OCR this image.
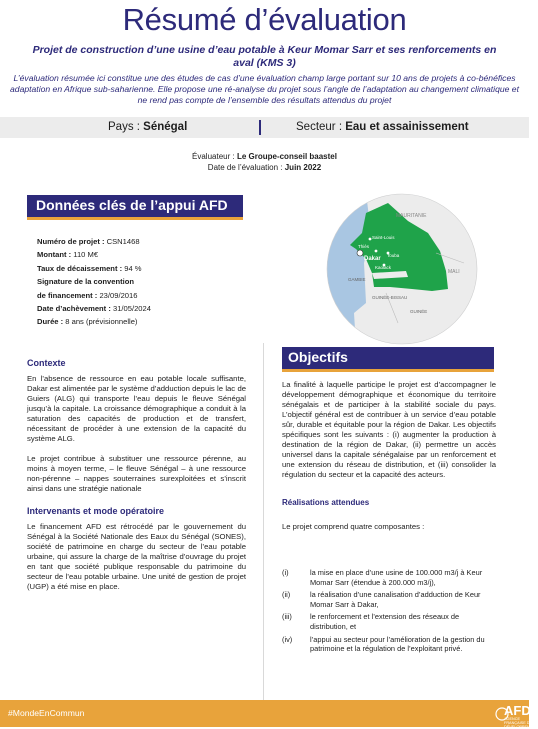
Résumé d’évaluation
Projet de construction d’une usine d’eau potable à Keur Momar Sarr et ses renforcements en aval (KMS 3)
L’évaluation résumée ici constitue une des études de cas d’une évaluation champ large portant sur 10 ans de projets à co-bénéfices adaptation en Afrique sub-saharienne. Elle propose une ré-analyse du projet sous l’angle de l’adaptation au changement climatique et ne rend pas compte de l’ensemble des résultats attendus du projet
Pays : Sénégal	Secteur : Eau et assainissement
Évaluateur : Le Groupe-conseil baastel
Date de l’évaluation : Juin 2022
Données clés de l’appui AFD
Numéro de projet : CSN1468
Montant : 110 M€
Taux de décaissement : 94 %
Signature de la convention
de financement : 23/09/2016
Date d’achèvement : 31/05/2024
Durée : 8 ans (prévisionnelle)
MAURITANIE
Saint-Louis
Thiès
Dakar
Touba
Kaolack
GAMBIE
MALI
GUINÉE-BISSAU
GUINÉE
Contexte
En l’absence de ressource en eau potable locale suffisante, Dakar est alimentée par le système d’adduction depuis le lac de Guiers (ALG) qui transporte l’eau depuis le fleuve Sénégal jusqu’à la capitale. La croissance démographique a conduit à la saturation des capacités de production et de transfert, nécessitant de procéder à une extension de la capacité du système ALG.
Le projet contribue à substituer une ressource pérenne, au moins à moyen terme, – le fleuve Sénégal – à une ressource non-pérenne – nappes souterraines surexploitées et s’inscrit ainsi dans une stratégie nationale
Intervenants et mode opératoire
Le financement AFD est rétrocédé par le gouvernement du Sénégal à la Société Nationale des Eaux du Sénégal (SONES), société de patrimoine en charge du secteur de l’eau potable urbaine, qui assure la charge de la maîtrise d’ouvrage du projet en tant que société publique responsable du patrimoine du secteur de l’eau potable urbaine. Une unité de gestion de projet (UGP) a été mise en place.
Objectifs
La finalité à laquelle participe le projet est d’accompagner le développement démographique et économique du territoire sénégalais et de participer à la stabilité sociale du pays. L’objectif général est de contribuer à un service d’eau potable sûr, durable et équitable pour la région de Dakar. Les objectifs spécifiques sont les suivants : (i) augmenter la production à destination de la région de Dakar, (ii) permettre un accès universel dans la capitale sénégalaise par un renforcement et une extension du réseau de distribution, et (iii) consolider la régulation du secteur et la capacité des acteurs.
Réalisations attendues
Le projet comprend quatre composantes :
(i)	la mise en place d’une usine de 100.000 m3/j à Keur Momar Sarr (étendue à 200.000 m3/j),
(ii)	la réalisation d’une canalisation d’adduction de Keur Momar Sarr à Dakar,
(iii)	le renforcement et l’extension des réseaux de distribution, et
(iv)	l’appui au secteur pour l’amélioration de la gestion du patrimoine et la régulation de l’exploitant privé.
#MondeEnCommun	AFD
AGENCE FRANÇAISE DE DÉVELOPPEMENT
